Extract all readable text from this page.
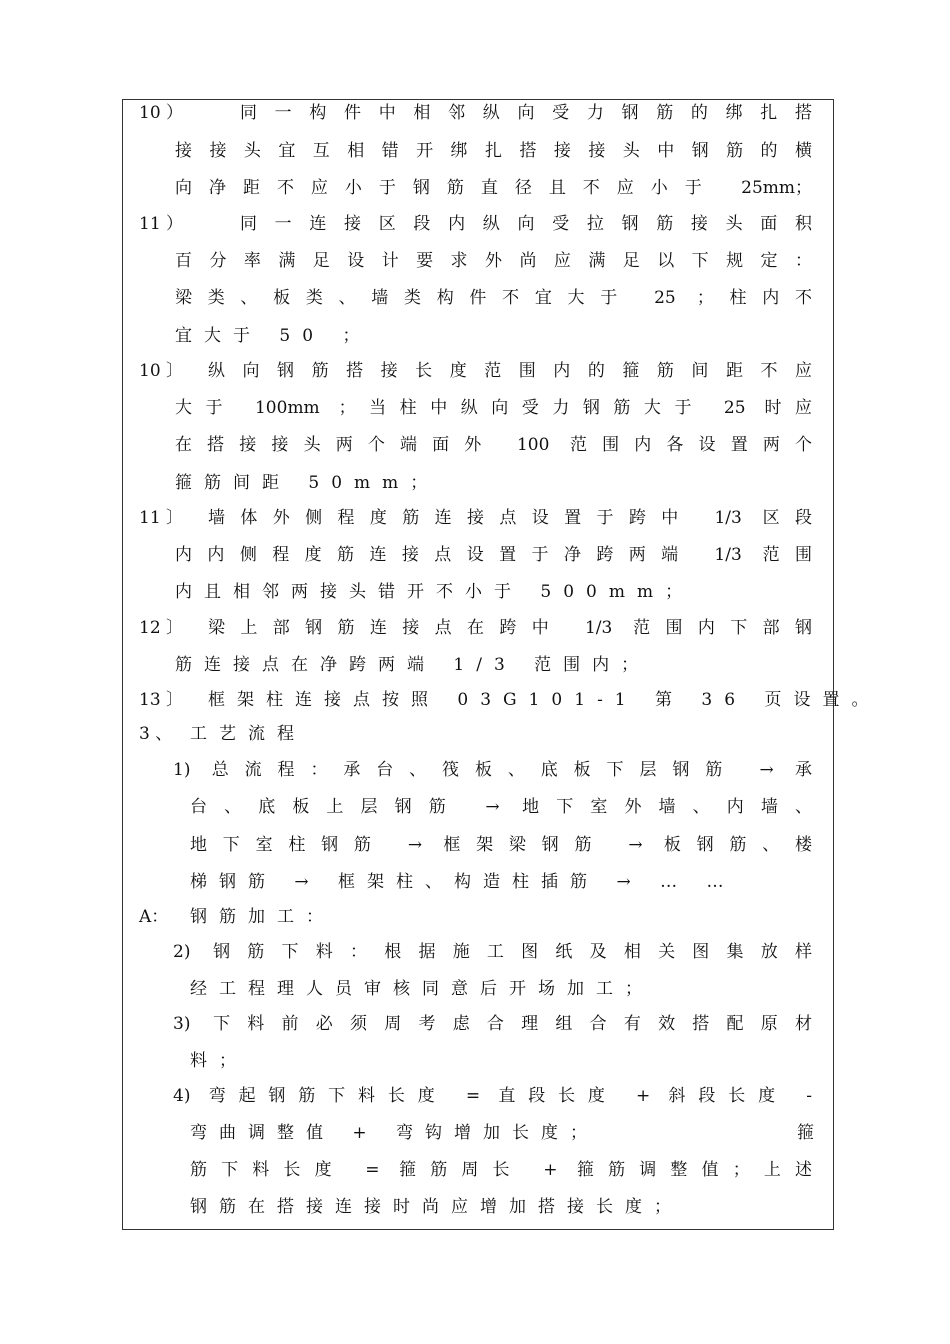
10 ）	同一构件中相邻纵向受力钢筋的绑扎搭
接接头宜互相错开绑扎搭接接头中钢筋的横
向净距不应小于钢筋直径且不应小于 25mm；
11 ）	同一连接区段内纵向受拉钢筋接头面积
百分率满足设计要求外尚应满足以下规定：
梁类、板类、墙类构件不宜大于 25 ；柱内不
宜大于 50 ；
10 〕	纵向钢筋搭接长度范围内的箍筋间距不应
大于 100mm ；当柱中纵向受力钢筋大于 25 时应
在搭接接头两个端面外 100 范围内各设置两个
箍筋间距 50mm；
11 〕	墙体外侧程度筋连接点设置于跨中 1/3 区段
内内侧程度筋连接点设置于净跨两端 1/3 范围
内且相邻两接头错开不小于 500mm；
12 〕	梁上部钢筋连接点在跨中 1/3 范围内下部钢
筋连接点在净跨两端 1/3 范围内；
13 〕	框架柱连接点按照 03G101-1 第 36 页设置。
3 、	工艺流程
1) 总流程：承台、筏板、底板下层钢筋 → 承
台、底板上层钢筋 → 地下室外墙、内墙、
地下室柱钢筋 → 框架梁钢筋 → 板钢筋、楼
梯钢筋 → 框架柱、构造柱插筋 → … …
A：	钢筋加工：
2) 钢筋下料：根据施工图纸及相关图集放样
经工程理人员审核同意后开场加工；
3) 下料前必须周考虑合理组合有效搭配原材
料；
4) 弯起钢筋下料长度 = 直段长度 + 斜段长度 -
弯曲调整值 + 弯钩增加长度；	箍
筋下料长度 = 箍筋周长 + 箍筋调整值；上述
钢筋在搭接连接时尚应增加搭接长度；
